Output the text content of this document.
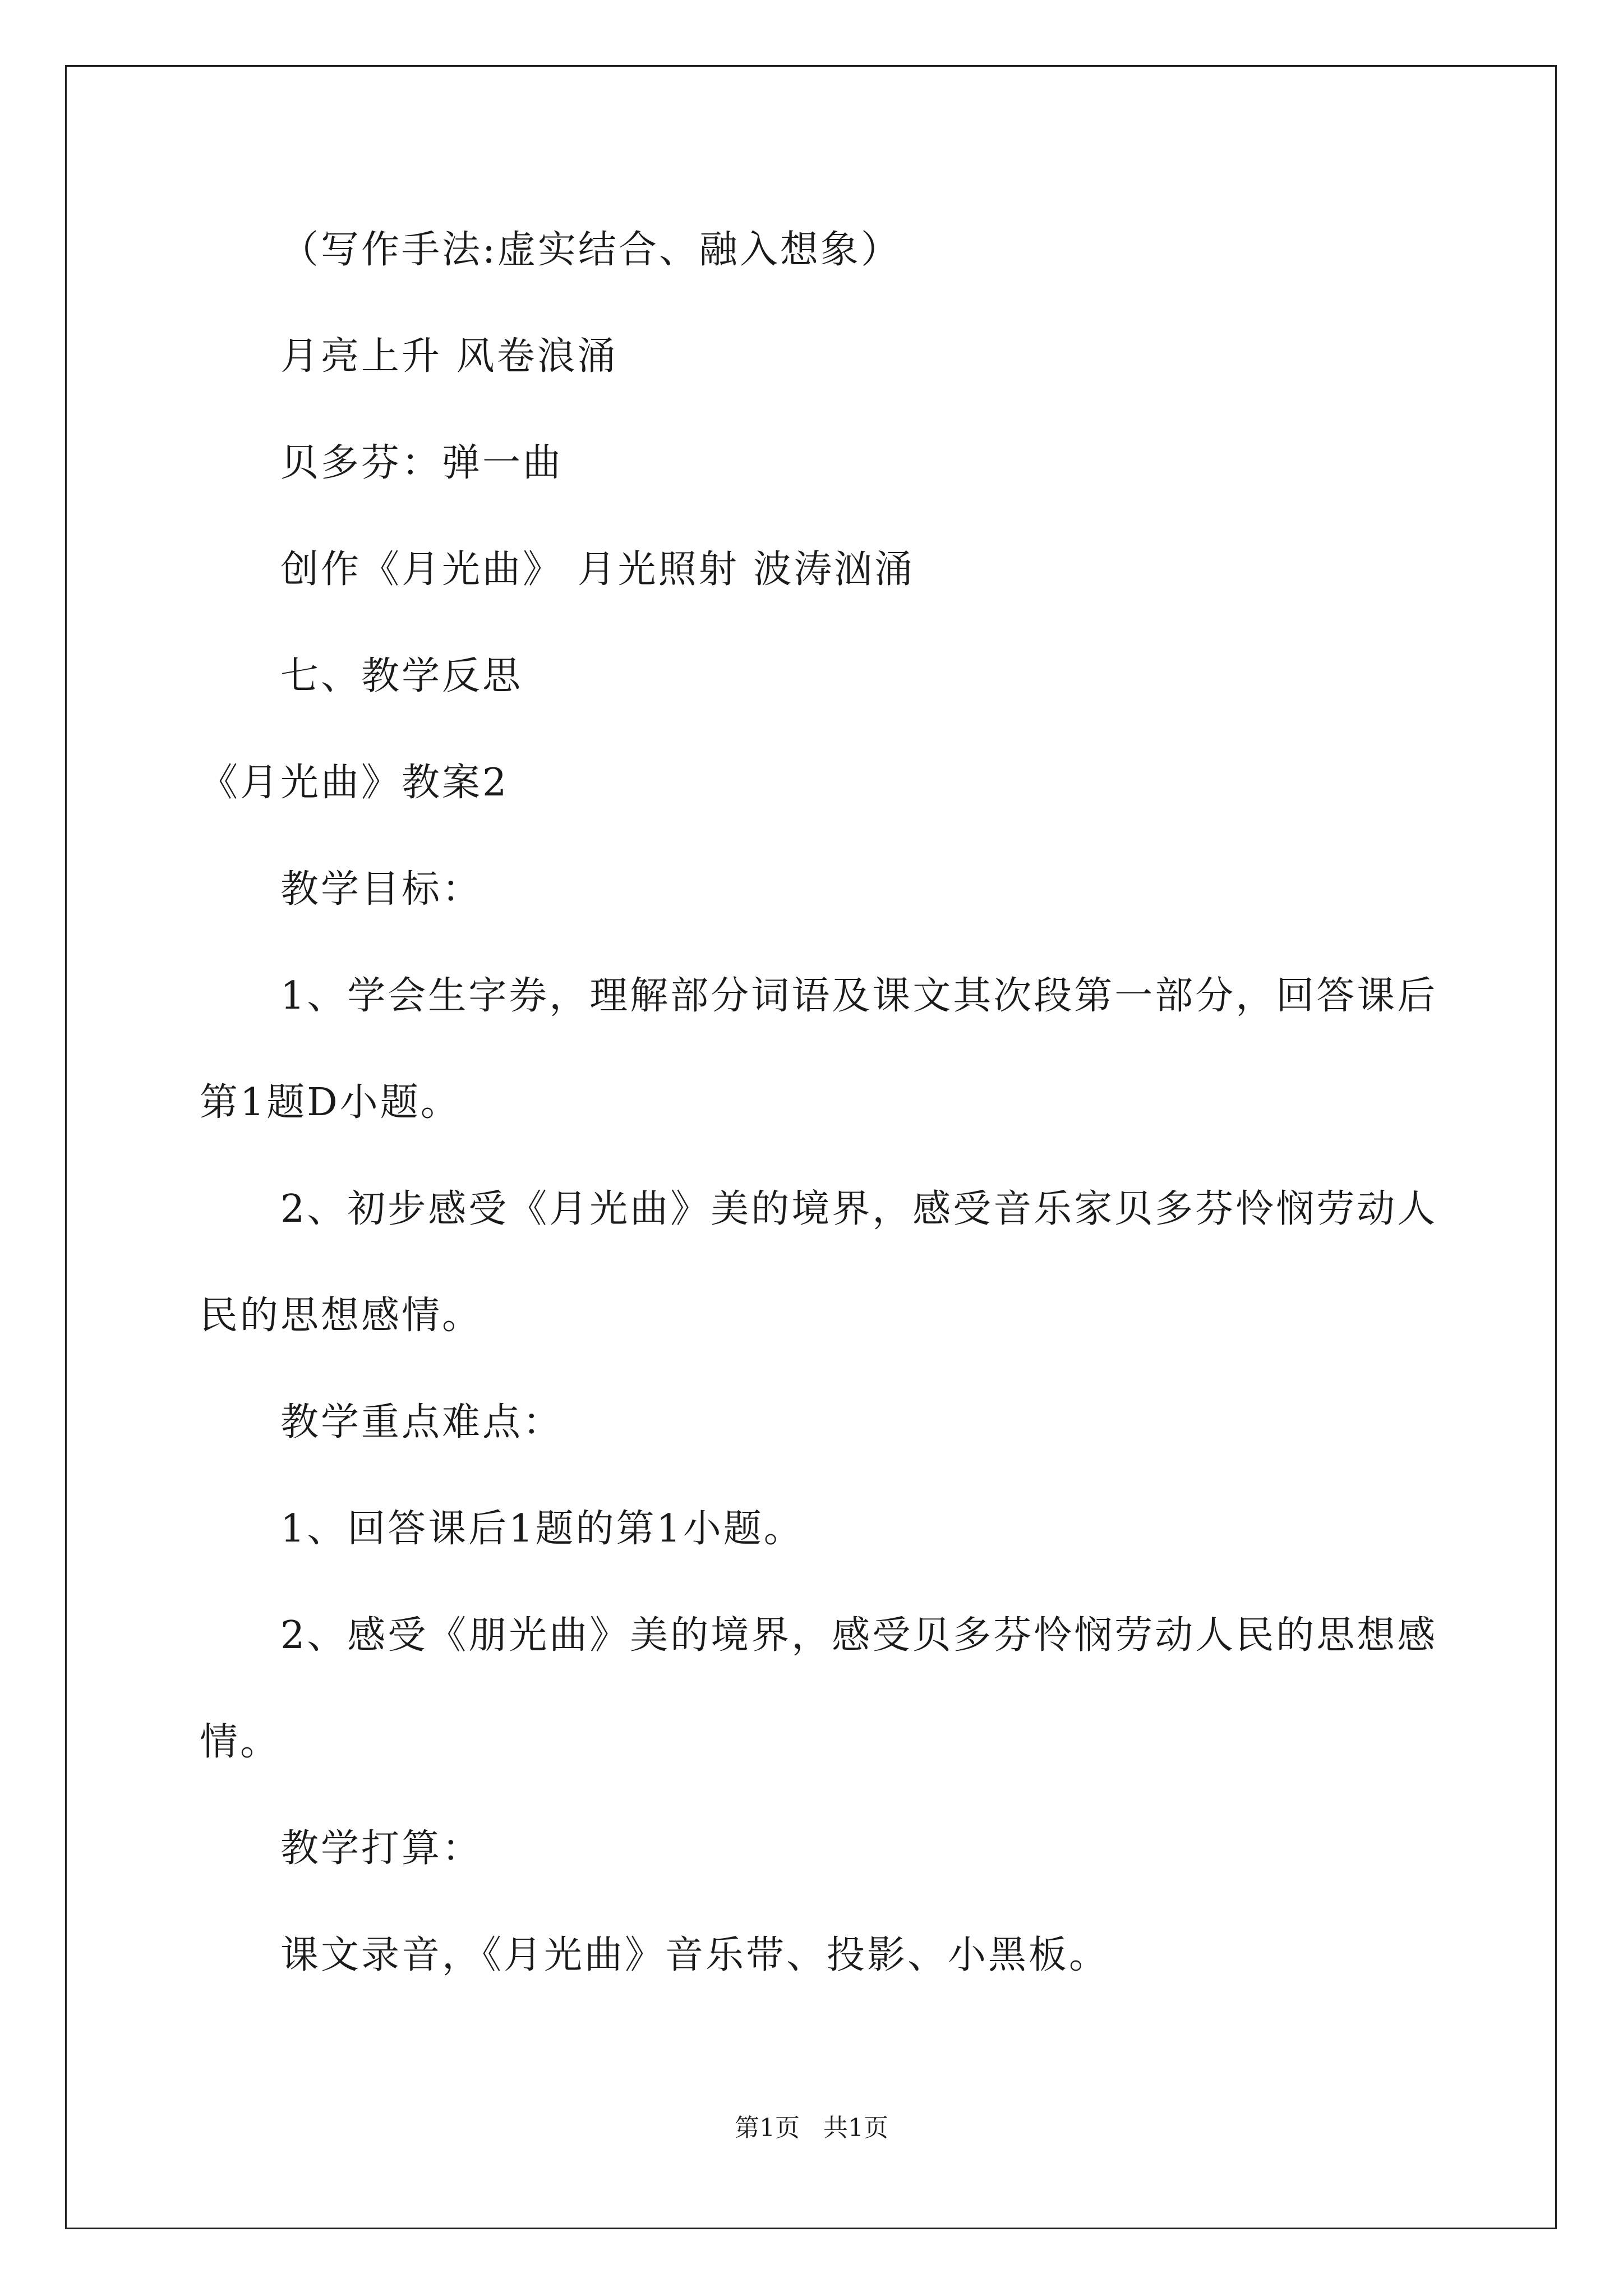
（写作手法:虚实结合、融入想象）
月亮上升 风卷浪涌
贝多芬：弹一曲
创作《月光曲》 月光照射 波涛汹涌
七、教学反思
《月光曲》教案2
教学目标：
1、学会生字券，理解部分词语及课文其次段第一部分，回答课后
第1题D小题。
2、初步感受《月光曲》美的境界，感受音乐家贝多芬怜悯劳动人
民的思想感情。
教学重点难点：
1、回答课后1题的第1小题。
2、感受《朋光曲》美的境界，感受贝多芬怜悯劳动人民的思想感
情。
教学打算：
课文录音，《月光曲》音乐带、投影、小黑板。
第1页 共1页
